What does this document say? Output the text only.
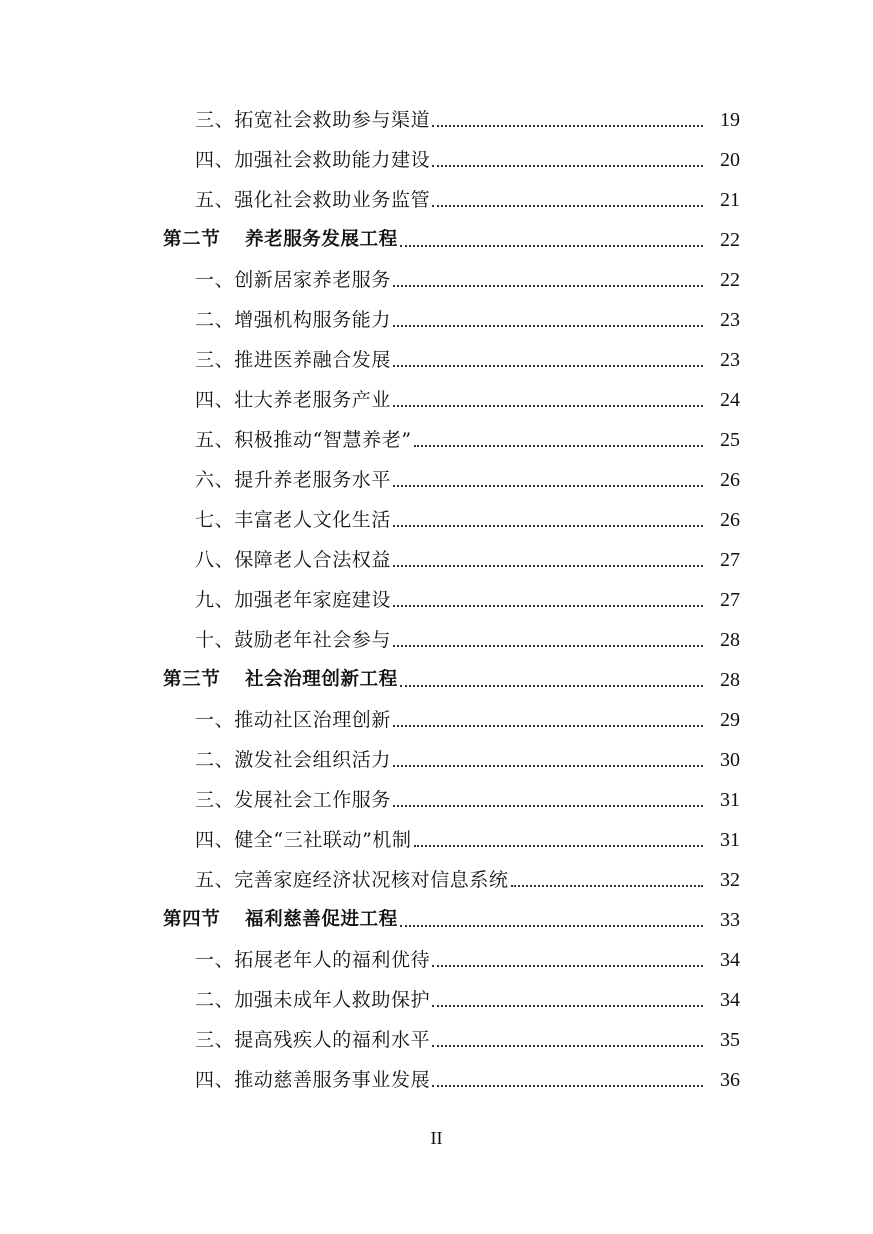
三、拓宽社会救助参与渠道	19
四、加强社会救助能力建设	20
五、强化社会救助业务监管	21
第二节 养老服务发展工程	22
一、创新居家养老服务	22
二、增强机构服务能力	23
三、推进医养融合发展	23
四、壮大养老服务产业	24
五、积极推动“智慧养老”	25
六、提升养老服务水平	26
七、丰富老人文化生活	26
八、保障老人合法权益	27
九、加强老年家庭建设	27
十、鼓励老年社会参与	28
第三节 社会治理创新工程	28
一、推动社区治理创新	29
二、激发社会组织活力	30
三、发展社会工作服务	31
四、健全“三社联动”机制	31
五、完善家庭经济状况核对信息系统	32
第四节 福利慈善促进工程	33
一、拓展老年人的福利优待	34
二、加强未成年人救助保护	34
三、提高残疾人的福利水平	35
四、推动慈善服务事业发展	36
II
